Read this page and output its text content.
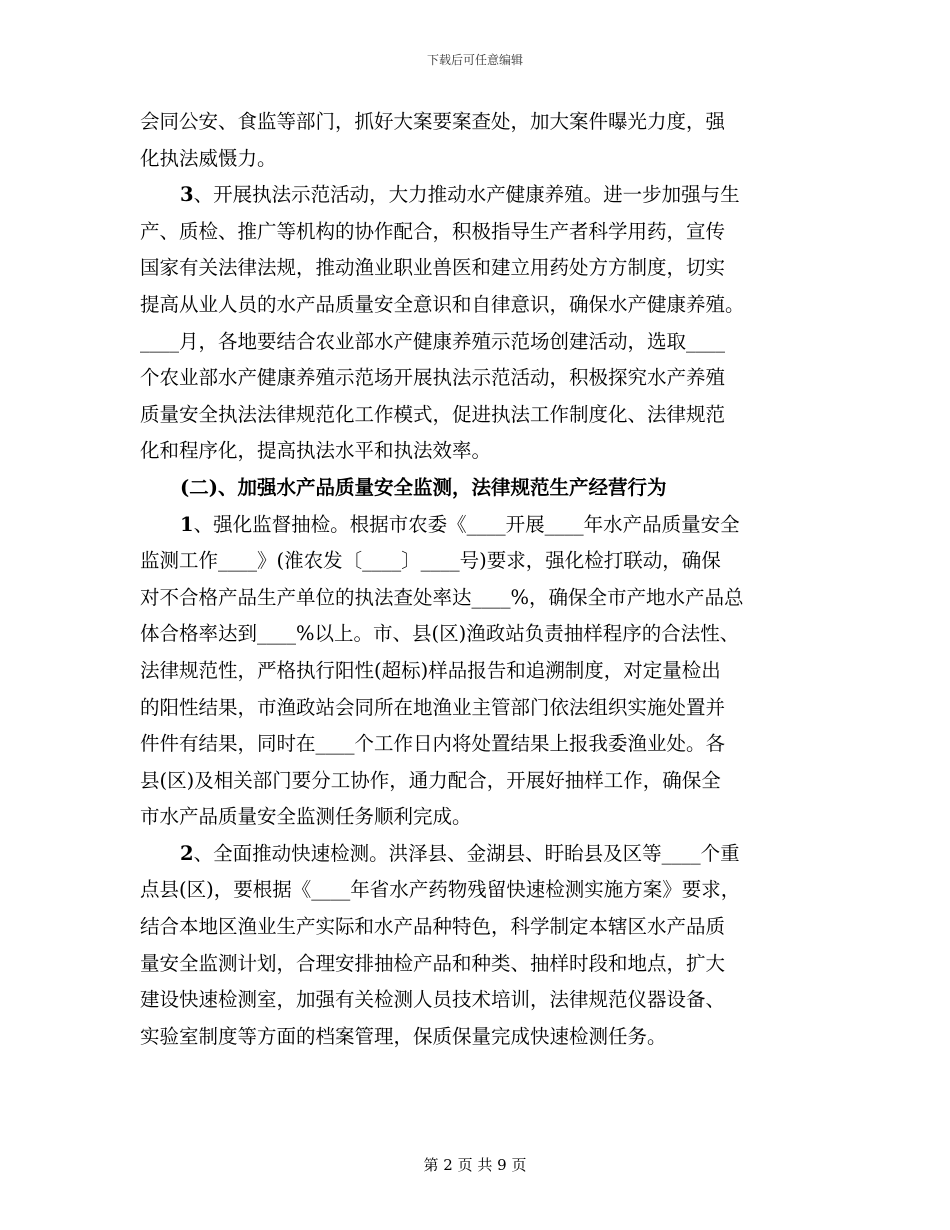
下载后可任意编辑
会同公安、食监等部门，抓好大案要案查处，加大案件曝光力度，强
化执法威慑力。
3、开展执法示范活动，大力推动水产健康养殖。进一步加强与生
产、质检、推广等机构的协作配合，积极指导生产者科学用药，宣传
国家有关法律法规，推动渔业职业兽医和建立用药处方方制度，切实
提高从业人员的水产品质量安全意识和自律意识，确保水产健康养殖。
____月，各地要结合农业部水产健康养殖示范场创建活动，选取____
个农业部水产健康养殖示范场开展执法示范活动，积极探究水产养殖
质量安全执法法律规范化工作模式，促进执法工作制度化、法律规范
化和程序化，提高执法水平和执法效率。
(二)、加强水产品质量安全监测，法律规范生产经营行为
1、强化监督抽检。根据市农委《____开展____年水产品质量安全
监测工作____》(淮农发〔____〕____号)要求，强化检打联动，确保
对不合格产品生产单位的执法查处率达____%，确保全市产地水产品总
体合格率达到____%以上。市、县(区)渔政站负责抽样程序的合法性、
法律规范性，严格执行阳性(超标)样品报告和追溯制度，对定量检出
的阳性结果，市渔政站会同所在地渔业主管部门依法组织实施处置并
件件有结果，同时在____个工作日内将处置结果上报我委渔业处。各
县(区)及相关部门要分工协作，通力配合，开展好抽样工作，确保全
市水产品质量安全监测任务顺利完成。
2、全面推动快速检测。洪泽县、金湖县、盱眙县及区等____个重
点县(区)，要根据《____年省水产药物残留快速检测实施方案》要求，
结合本地区渔业生产实际和水产品种特色，科学制定本辖区水产品质
量安全监测计划，合理安排抽检产品和种类、抽样时段和地点，扩大
建设快速检测室，加强有关检测人员技术培训，法律规范仪器设备、
实验室制度等方面的档案管理，保质保量完成快速检测任务。
第 2 页 共 9 页
